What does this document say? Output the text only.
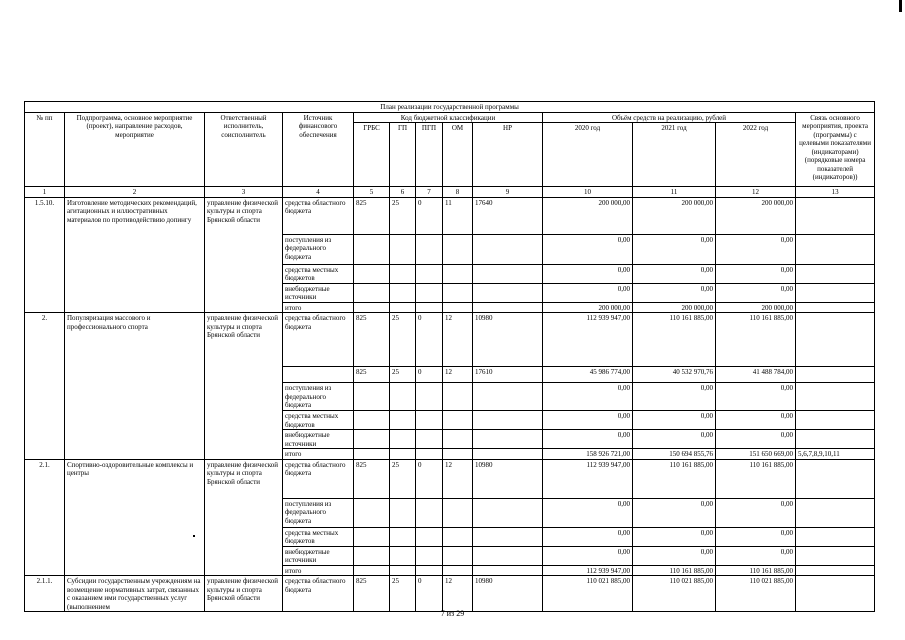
План реализации государственной программы												
№ пп	Подпрограмма, основное мероприятие (проект), направление расходов, мероприятие	Ответственный исполнитель, соисполнитель	Источник финансового обеспечения	Код бюджетной классификации					Объём средств на реализацию, рублей			Связь основного мероприятия, проекта (программы) с целевыми показателями (индикаторами) (порядковые номера показателей (индикаторов))
				ГРБС	ГП	ПГП	ОМ	НР	2020 год	2021 год	2022 год	
1	2	3	4	5	6	7	8	9	10	11	12	13
1.5.10.	Изготовление методических рекомендаций, агитационных и иллюстративных материалов по противодействию допингу	управление физической культуры и спорта Брянской области	средства областного бюджета	825	25	0	11	17640	200 000,00	200 000,00	200 000,00	
			поступления из федерального бюджета						0,00	0,00	0,00	
			средства местных бюджетов						0,00	0,00	0,00	
			внебюджетные источники						0,00	0,00	0,00	
			итого						200 000,00	200 000,00	200 000,00	
2.	Популяризация массового и профессионального спорта	управление физической культуры и спорта Брянской области	средства областного бюджета	825	25	0	12	10980	112 939 947,00	110 161 885,00	110 161 885,00	
				825	25	0	12	17610	45 986 774,00	40 532 970,76	41 488 784,00	
			поступления из федерального бюджета						0,00	0,00	0,00	
			средства местных бюджетов						0,00	0,00	0,00	
			внебюджетные источники						0,00	0,00	0,00	
			итого						158 926 721,00	150 694 855,76	151 650 669,00	5,6,7,8,9,10,11
2.1.	Спортивно-оздоровительные комплексы и центры	управление физической культуры и спорта Брянской области	средства областного бюджета	825	25	0	12	10980	112 939 947,00	110 161 885,00	110 161 885,00	
			поступления из федерального бюджета						0,00	0,00	0,00	
			средства местных бюджетов						0,00	0,00	0,00	
			внебюджетные источники						0,00	0,00	0,00	
			итого						112 939 947,00	110 161 885,00	110 161 885,00	
2.1.1.	Субсидии государственным учреждениям на возмещение нормативных затрат, связанных с оказанием ими государственных услуг (выполнением	управление физической культуры и спорта Брянской области	средства областного бюджета	825	25	0	12	10980	110 021 885,00	110 021 885,00	110 021 885,00	
7 из 29
